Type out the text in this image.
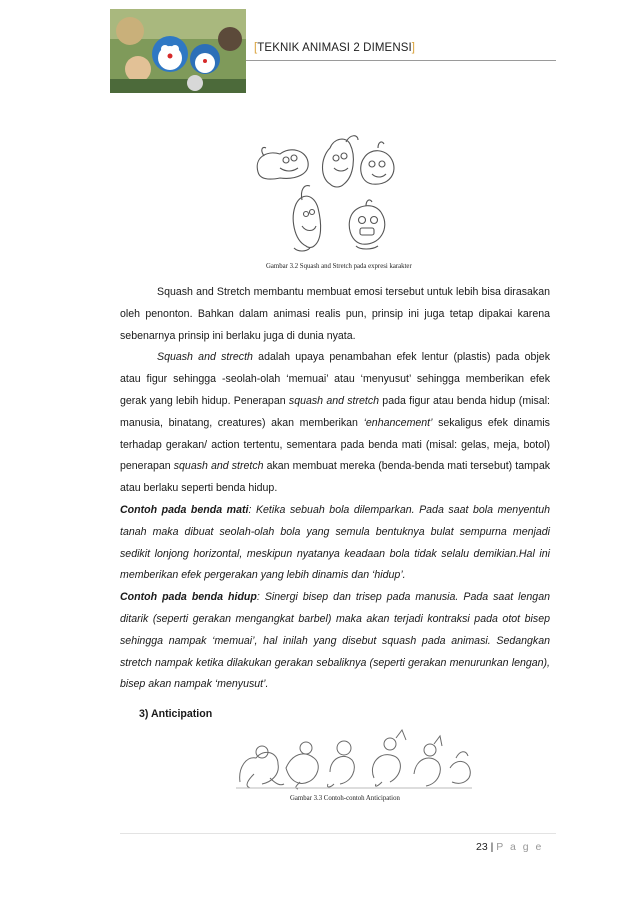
[TEKNIK ANIMASI 2 DIMENSI]
Gambar 3.2 Squash and Stretch pada expresi karakter

Squash and Stretch membantu membuat emosi tersebut untuk lebih bisa dirasakan oleh penonton. Bahkan dalam animasi realis pun, prinsip ini juga tetap dipakai karena sebenarnya prinsip ini berlaku juga di dunia nyata.

Squash and strecth adalah upaya penambahan efek lentur (plastis) pada objek atau figur sehingga -seolah-olah ‘memuai’ atau ‘menyusut’ sehingga memberikan efek gerak yang lebih hidup. Penerapan squash and stretch pada figur atau benda hidup (misal: manusia, binatang, creatures) akan memberikan ‘enhancement’ sekaligus efek dinamis terhadap gerakan/ action tertentu, sementara pada benda mati (misal: gelas, meja, botol) penerapan squash and stretch akan membuat mereka (benda-benda mati tersebut) tampak atau berlaku seperti benda hidup.

Contoh pada benda mati: Ketika sebuah bola dilemparkan. Pada saat bola menyentuh tanah maka dibuat seolah-olah bola yang semula bentuknya bulat sempurna menjadi sedikit lonjong horizontal, meskipun nyatanya keadaan bola tidak selalu demikian.Hal ini memberikan efek pergerakan yang lebih dinamis dan ‘hidup’.

Contoh pada benda hidup: Sinergi bisep dan trisep pada manusia. Pada saat lengan ditarik (seperti gerakan mengangkat barbel) maka akan terjadi kontraksi pada otot bisep sehingga nampak ‘memuai’, hal inilah yang disebut squash pada animasi. Sedangkan stretch nampak ketika dilakukan gerakan sebaliknya (seperti gerakan menurunkan lengan), bisep akan nampak ‘menyusut’.

3) Anticipation
Gambar 3.3 Contoh-contoh Anticipation
23 | P a g e
